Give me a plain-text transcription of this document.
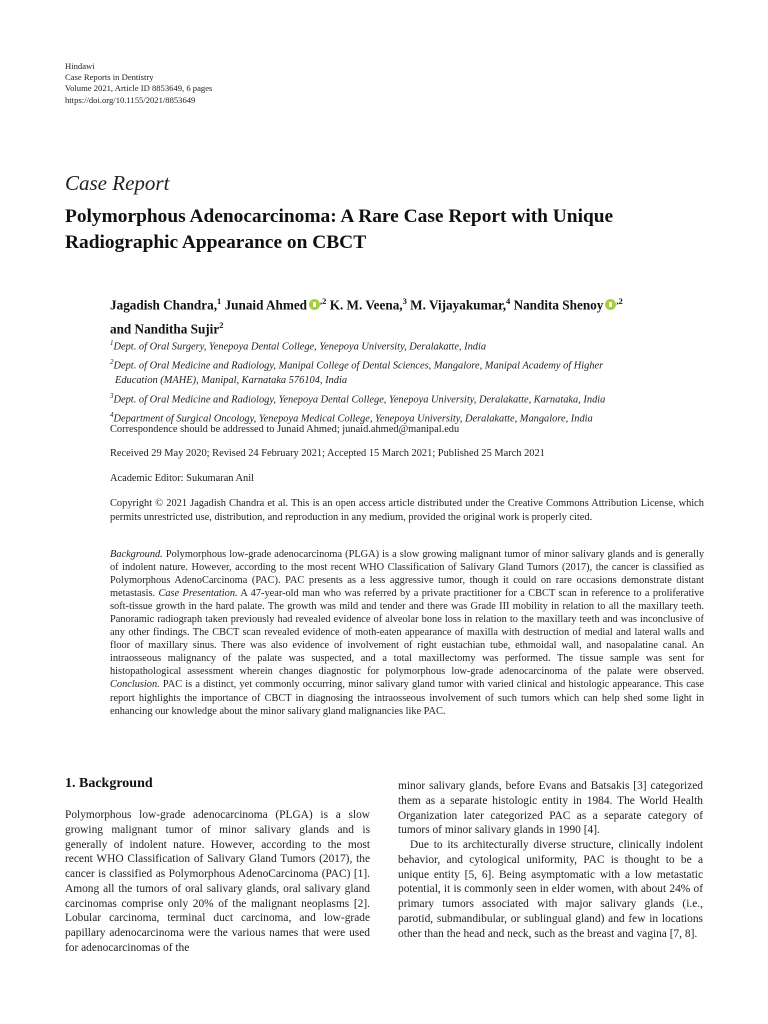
Hindawi
Case Reports in Dentistry
Volume 2021, Article ID 8853649, 6 pages
https://doi.org/10.1155/2021/8853649
Case Report
Polymorphous Adenocarcinoma: A Rare Case Report with Unique Radiographic Appearance on CBCT
Jagadish Chandra,$^1$ Junaid Ahmed $^{,2}$ K. M. Veena,$^3$ M. Vijayakumar,$^4$ Nandita Shenoy $^{,2}$
and Nanditha Sujir$^2$
$^1$Dept. of Oral Surgery, Yenepoya Dental College, Yenepoya University, Deralakatte, India
$^2$Dept. of Oral Medicine and Radiology, Manipal College of Dental Sciences, Mangalore, Manipal Academy of Higher
Education (MAHE), Manipal, Karnataka 576104, India
$^3$Dept. of Oral Medicine and Radiology, Yenepoya Dental College, Yenepoya University, Deralakatte, Karnataka, India
$^4$Department of Surgical Oncology, Yenepoya Medical College, Yenepoya University, Deralakatte, Mangalore, India
Correspondence should be addressed to Junaid Ahmed; junaid.ahmed@manipal.edu
Received 29 May 2020; Revised 24 February 2021; Accepted 15 March 2021; Published 25 March 2021
Academic Editor: Sukumaran Anil
Copyright © 2021 Jagadish Chandra et al. This is an open access article distributed under the Creative Commons Attribution License, which permits unrestricted use, distribution, and reproduction in any medium, provided the original work is properly cited.
Background. Polymorphous low-grade adenocarcinoma (PLGA) is a slow growing malignant tumor of minor salivary glands and is generally of indolent nature. However, according to the most recent WHO Classification of Salivary Gland Tumors (2017), the cancer is classified as Polymorphous AdenoCarcinoma (PAC). PAC presents as a less aggressive tumor, though it could on rare occasions demonstrate distant metastasis. Case Presentation. A 47-year-old man who was referred by a private practitioner for a CBCT scan in reference to a proliferative soft-tissue growth in the hard palate. The growth was mild and tender and there was Grade III mobility in relation to all the maxillary teeth. Panoramic radiograph taken previously had revealed evidence of alveolar bone loss in relation to the maxillary teeth and was inconclusive of any other findings. The CBCT scan revealed evidence of moth-eaten appearance of maxilla with destruction of medial and lateral walls and floor of maxillary sinus. There was also evidence of involvement of right eustachian tube, ethmoidal wall, and nasopalatine canal. An intraosseous malignancy of the palate was suspected, and a total maxillectomy was performed. The tissue sample was sent for histopathological assessment wherein changes diagnostic for polymorphous low-grade adenocarcinoma of the palate were observed. Conclusion. PAC is a distinct, yet commonly occurring, minor salivary gland tumor with varied clinical and histologic appearance. This case report highlights the importance of CBCT in diagnosing the intraosseous involvement of such tumors which can help shed some light in enhancing our knowledge about the minor salivary gland malignancies like PAC.
1. Background

Polymorphous low-grade adenocarcinoma (PLGA) is a slow growing malignant tumor of minor salivary glands and is generally of indolent nature. However, according to the most recent WHO Classification of Salivary Gland Tumors (2017), the cancer is classified as Polymorphous AdenoCarcinoma (PAC) [1]. Among all the tumors of oral salivary glands, oral salivary gland carcinomas comprise only 20% of the malignant neoplasms [2]. Lobular carcinoma, terminal duct carcinoma, and low-grade papillary adenocarcinoma were the various names that were used for adenocarcinomas of the

minor salivary glands, before Evans and Batsakis [3] categorized them as a separate histologic entity in 1984. The World Health Organization later categorized PAC as a separate category of tumors of minor salivary glands in 1990 [4].

Due to its architecturally diverse structure, clinically indolent behavior, and cytological uniformity, PAC is thought to be a unique entity [5, 6]. Being asymptomatic with a low metastatic potential, it is commonly seen in elder women, with about 24% of primary tumors associated with major salivary glands (i.e., parotid, submandibular, or sublingual gland) and few in locations other than the head and neck, such as the breast and vagina [7, 8].
